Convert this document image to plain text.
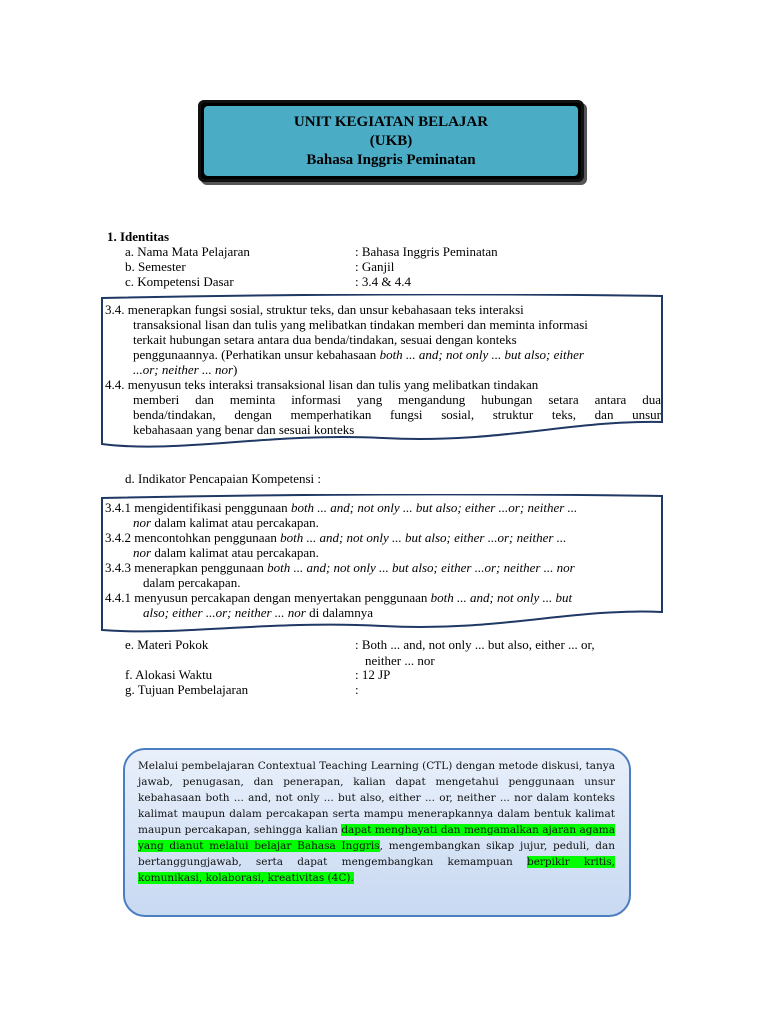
UNIT KEGIATAN BELAJAR
(UKB)
Bahasa Inggris Peminatan
1. Identitas
a. Nama Mata Pelajaran	: Bahasa Inggris Peminatan
b. Semester	: Ganjil
c. Kompetensi Dasar	: 3.4 & 4.4
3.4. menerapkan fungsi sosial, struktur teks, dan unsur kebahasaan teks interaksi
transaksional lisan dan tulis yang melibatkan tindakan memberi dan meminta informasi
terkait hubungan setara antara dua benda/tindakan, sesuai dengan konteks
penggunaannya. (Perhatikan unsur kebahasaan both ... and; not only ... but also; either
...or; neither ... nor)
4.4. menyusun teks interaksi transaksional lisan dan tulis yang melibatkan tindakan
memberi dan meminta informasi yang mengandung hubungan setara antara dua
benda/tindakan, dengan memperhatikan fungsi sosial, struktur teks, dan unsur
kebahasaan yang benar dan sesuai konteks
d. Indikator Pencapaian Kompetensi :
3.4.1 mengidentifikasi penggunaan both ... and; not only ... but also; either ...or; neither ...
nor dalam kalimat atau percakapan.
3.4.2 mencontohkan penggunaan both ... and; not only ... but also; either ...or; neither ...
nor dalam kalimat atau percakapan.
3.4.3 menerapkan penggunaan both ... and; not only ... but also; either ...or; neither ... nor
dalam percakapan.
4.4.1 menyusun percakapan dengan menyertakan penggunaan both ... and; not only ... but
also; either ...or; neither ... nor di dalamnya
e. Materi Pokok	: Both ... and, not only ... but also, either ... or,
neither ... nor
f. Alokasi Waktu	: 12 JP
g. Tujuan Pembelajaran	:
Melalui pembelajaran Contextual Teaching Learning (CTL) dengan metode diskusi, tanya jawab, penugasan, dan penerapan, kalian dapat mengetahui penggunaan unsur kebahasaan both ... and, not only ... but also, either ... or, neither ... nor dalam konteks kalimat maupun dalam percakapan serta mampu menerapkannya dalam bentuk kalimat maupun percakapan, sehingga kalian dapat menghayati dan mengamalkan ajaran agama yang dianut melalui belajar Bahasa Inggris, mengembangkan sikap jujur, peduli, dan bertanggungjawab, serta dapat mengembangkan kemampuan berpikir kritis, komunikasi, kolaborasi, kreativitas (4C).
